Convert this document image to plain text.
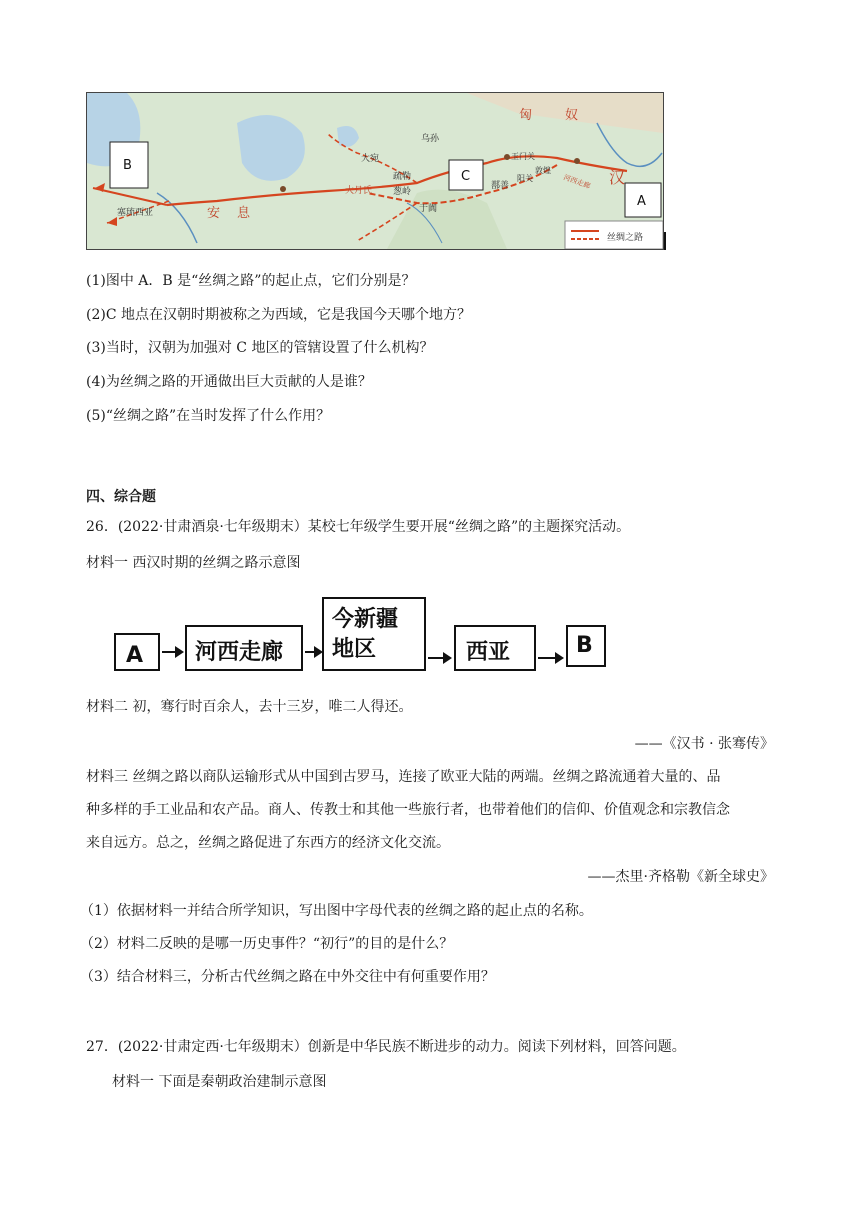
匈	奴
乌孙
大宛
疏勒
大月氏 葱岭
于阗
鄯善
玉门关
敦煌
阳关	河西走廊 汉
安 息
塞琉西亚
丝绸之路
B
C
A
(1)图中 A．B 是“丝绸之路”的起止点，它们分别是？
(2)C 地点在汉朝时期被称之为西域，它是我国今天哪个地方？
(3)当时，汉朝为加强对 C 地区的管辖设置了什么机构？
(4)为丝绸之路的开通做出巨大贡献的人是谁？
(5)“丝绸之路”在当时发挥了什么作用？
四、综合题
26．(2022·甘肃酒泉·七年级期末）某校七年级学生要开展“丝绸之路”的主题探究活动。
材料一 西汉时期的丝绸之路示意图
A	河西走廊
今新疆
地区	西亚	B
材料二 初，骞行时百余人，去十三岁，唯二人得还。
——《汉书 · 张骞传》
材料三 丝绸之路以商队运输形式从中国到古罗马，连接了欧亚大陆的两端。丝绸之路流通着大量的、品
种多样的手工业品和农产品。商人、传教士和其他一些旅行者，也带着他们的信仰、价值观念和宗教信念
来自远方。总之，丝绸之路促进了东西方的经济文化交流。
——杰里·齐格勒《新全球史》
（1）依据材料一并结合所学知识，写出图中字母代表的丝绸之路的起止点的名称。
（2）材料二反映的是哪一历史事件？“初行”的目的是什么？
（3）结合材料三，分析古代丝绸之路在中外交往中有何重要作用？
27．(2022·甘肃定西·七年级期末）创新是中华民族不断进步的动力。阅读下列材料，回答问题。
材料一 下面是秦朝政治建制示意图
